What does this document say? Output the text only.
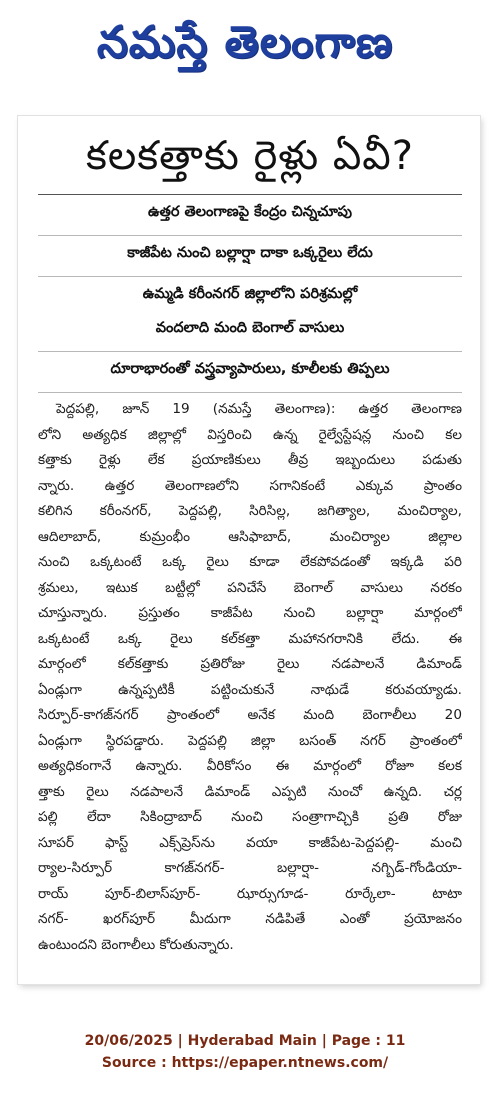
నమస్తే తెలంగాణ
కలకత్తాకు రైళ్లు ఏవీ?
ఉత్తర తెలంగాణపై కేంద్రం చిన్నచూపు
కాజీపేట నుంచి బల్లార్షా దాకా ఒక్కరైలు లేదు
ఉమ్మడి కరీంనగర్ జిల్లాలోని పరిశ్రమల్లో
వందలాది మంది బెంగాల్ వాసులు
దూరాభారంతో వస్త్రవ్యాపారులు, కూలీలకు తిప్పలు
పెద్దపల్లి, జూన్ 19 (నమస్తే తెలంగాణ): ఉత్తర తెలంగాణ
లోని అత్యధిక జిల్లాల్లో విస్తరించి ఉన్న రైల్వేస్టేషన్ల నుంచి కల
కత్తాకు రైళ్లు లేక ప్రయాణికులు తీవ్ర ఇబ్బందులు పడుతు
న్నారు. ఉత్తర తెలంగాణలోని సగానికంటే ఎక్కువ ప్రాంతం
కలిగిన కరీంనగర్, పెద్దపల్లి, సిరిసిల్ల, జగిత్యాల, మంచిర్యాల,
ఆదిలాబాద్, కుమ్రంభీం ఆసిఫాబాద్, మంచిర్యాల జిల్లాల
నుంచి ఒక్కటంటే ఒక్క రైలు కూడా లేకపోవడంతో ఇక్కడి పరి
శ్రమలు, ఇటుక బట్టీల్లో పనిచేసే బెంగాల్ వాసులు నరకం
చూస్తున్నారు. ప్రస్తుతం కాజీపేట నుంచి బల్లార్షా మార్గంలో
ఒక్కటంటే ఒక్క రైలు కల్‌కత్తా మహానగరానికి లేదు. ఈ
మార్గంలో కల్‌కత్తాకు ప్రతిరోజు రైలు నడపాలనే డిమాండ్
ఏండ్లుగా ఉన్నప్పటికీ పట్టించుకునే నాథుడే కరువయ్యాడు.
సిర్పూర్-కాగజ్‌నగర్ ప్రాంతంలో అనేక మంది బెంగాలీలు 20
ఏండ్లుగా స్థిరపడ్డారు. పెద్దపల్లి జిల్లా బసంత్ నగర్ ప్రాంతంలో
అత్యధికంగానే ఉన్నారు. వీరికోసం ఈ మార్గంలో రోజూ కలక
త్తాకు రైలు నడపాలనే డిమాండ్ ఎప్పటి నుంచో ఉన్నది. చర్ల
పల్లి లేదా సికింద్రాబాద్ నుంచి సంత్రాగాచ్చికి ప్రతి రోజు
సూపర్ ఫాస్ట్ ఎక్స్‌ప్రెస్‌ను వయా కాజీపేట-పెద్దపల్లి- మంచి
ర్యాల-సిర్పూర్ కాగజ్‌నగర్- బల్లార్షా- నగ్బిడ్-గోండియా-
రాయ్ పూర్-బిలాస్‌పూర్- ఝార్సుగూడ- రూర్కేలా- టాటా
నగర్- ఖరగ్‌పూర్ మీదుగా నడిపితే ఎంతో ప్రయోజనం
ఉంటుందని బెంగాలీలు కోరుతున్నారు.
20/06/2025 | Hyderabad Main | Page : 11
Source : https://epaper.ntnews.com/
